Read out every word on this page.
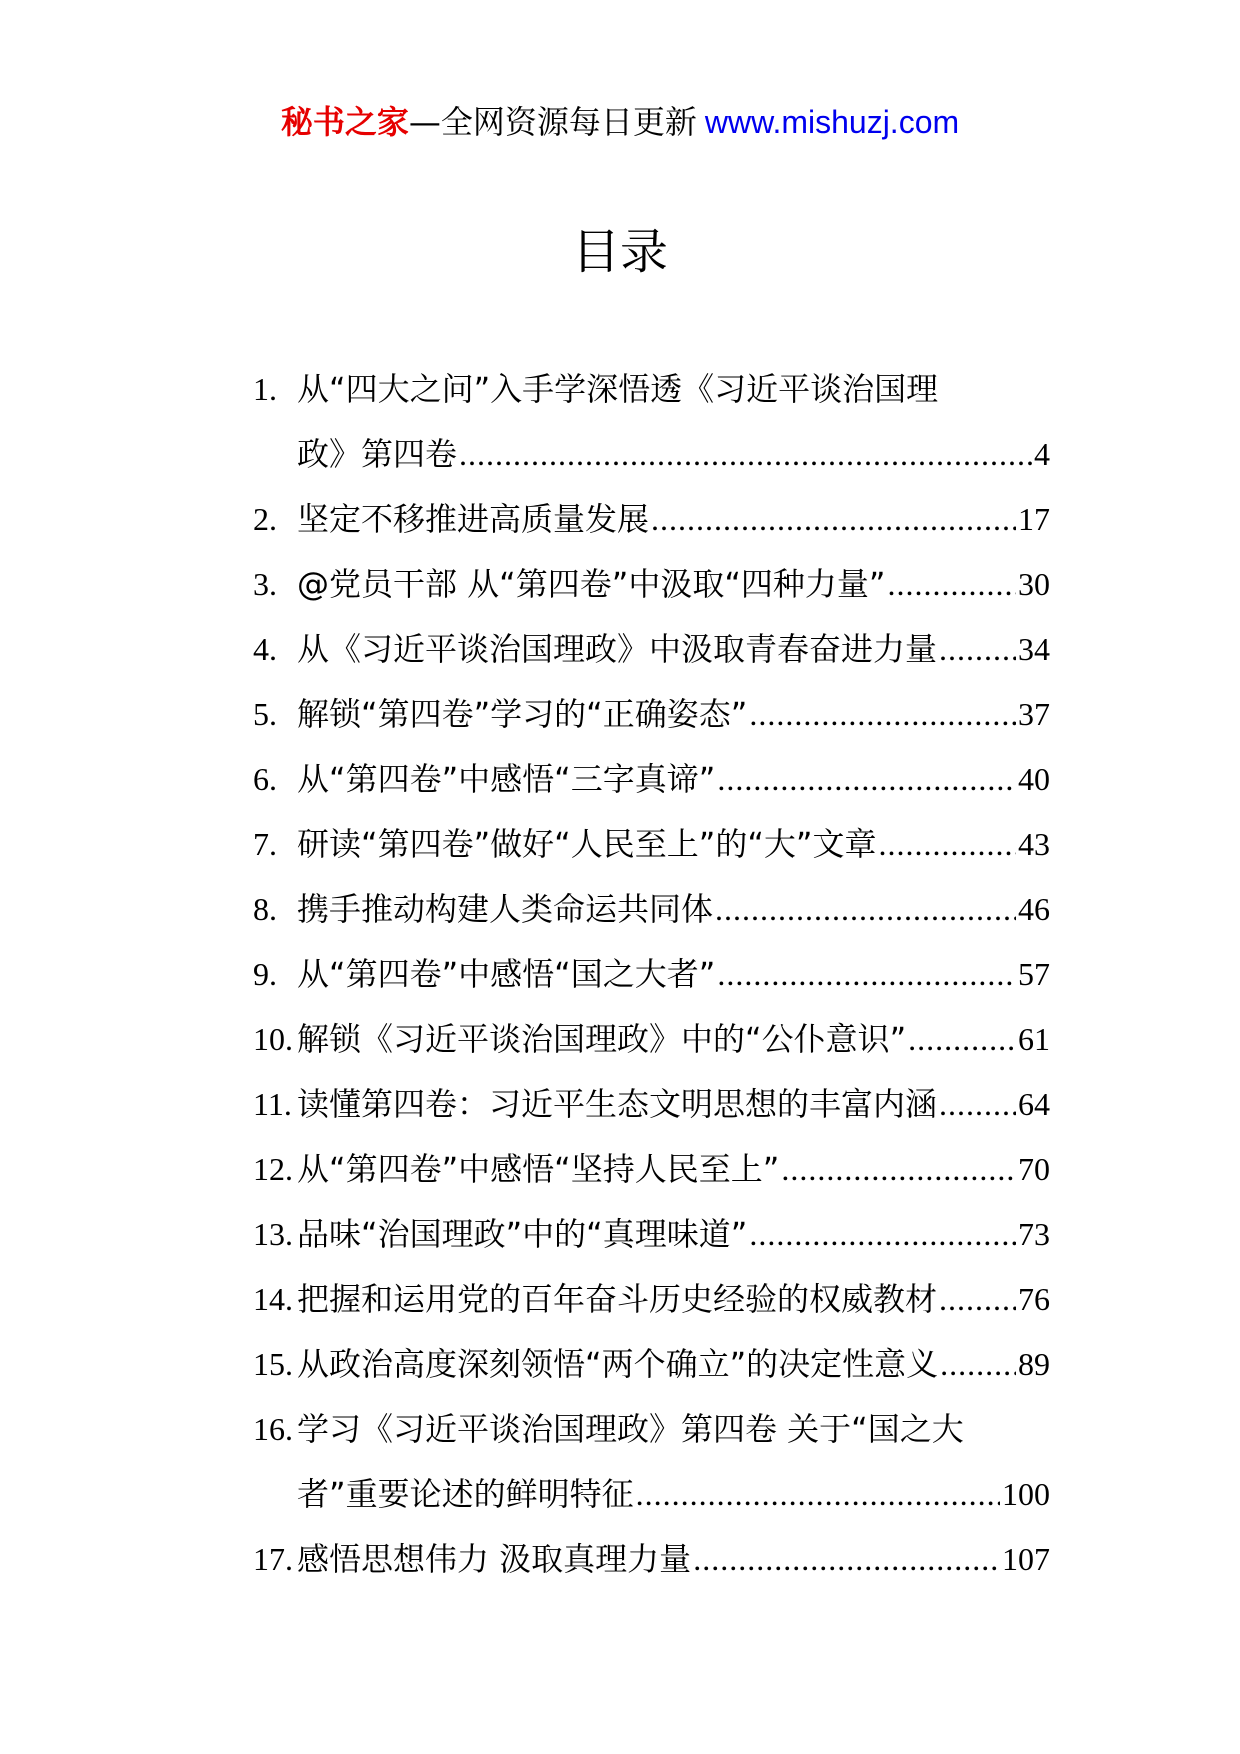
秘书之家—全网资源每日更新 www.mishuzj.com
目录
1. 从“四大之问”入手学深悟透《习近平谈治国理
政》第四卷 .....	4
2. 坚定不移推进高质量发展 .....	17
3. @党员干部 从“第四卷”中汲取“四种力量” .....	30
4. 从《习近平谈治国理政》中汲取青春奋进力量 .....	34
5. 解锁“第四卷”学习的“正确姿态” .....	37
6. 从“第四卷”中感悟“三字真谛” .....	40
7. 研读“第四卷”做好“人民至上”的“大”文章 .....	43
8. 携手推动构建人类命运共同体 .....	46
9. 从“第四卷”中感悟“国之大者” .....	57
10. 解锁《习近平谈治国理政》中的“公仆意识” .....	61
11. 读懂第四卷：习近平生态文明思想的丰富内涵 .....	64
12. 从“第四卷”中感悟“坚持人民至上” .....	70
13. 品味“治国理政”中的“真理味道” .....	73
14. 把握和运用党的百年奋斗历史经验的权威教材 .....	76
15. 从政治高度深刻领悟“两个确立”的决定性意义 ..... 89
16. 学习《习近平谈治国理政》第四卷 关于“国之大
者”重要论述的鲜明特征 .....	100
17. 感悟思想伟力 汲取真理力量 .....	107
